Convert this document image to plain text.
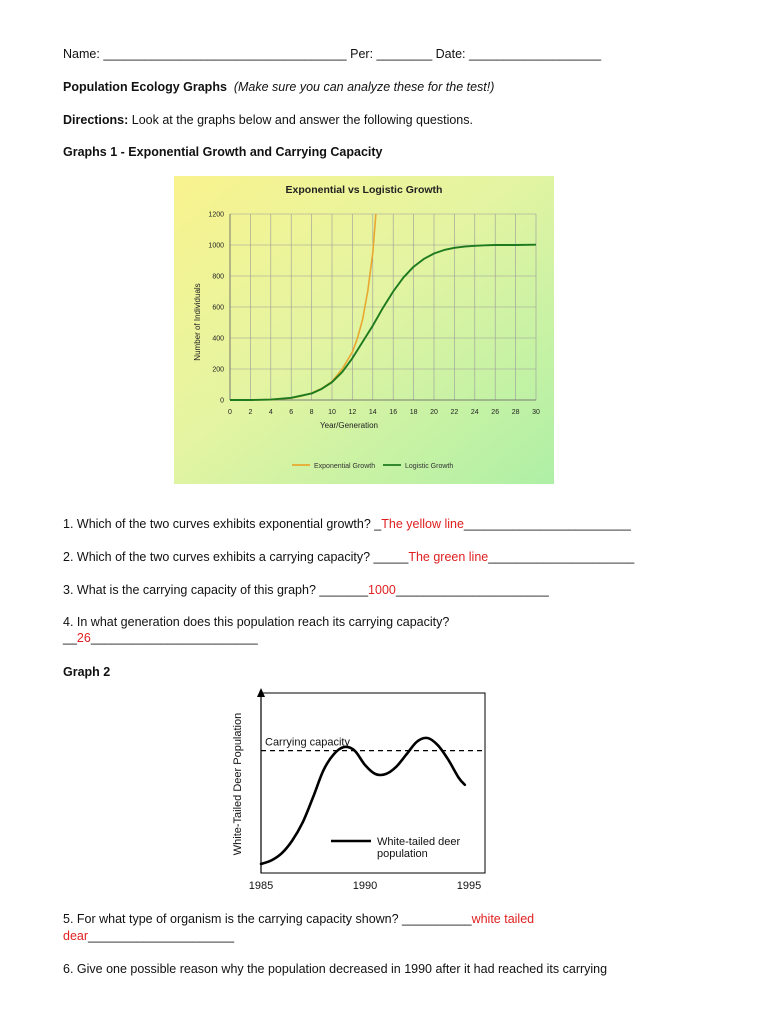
Name: ___________________________________ Per: ________ Date: ___________________
Population Ecology Graphs (Make sure you can analyze these for the test!)
Directions: Look at the graphs below and answer the following questions.
Graphs 1 - Exponential Growth and Carrying Capacity
Exponential vs Logistic Growth
0 2 4 6 8 10 12 14 16 18 20 22 24 26 28 30
0
200
400
600
800
1000
1200
Year/Generation
Number of Individuals
Exponential Growth	Logistic Growth
1. Which of the two curves exhibits exponential growth? _The yellow line________________________
2. Which of the two curves exhibits a carrying capacity? _____The green line_____________________
3. What is the carrying capacity of this graph? _______1000______________________
4. In what generation does this population reach its carrying capacity?
__26________________________
Graph 2
White-Tailed Deer Population Carrying capacity
White-tailed deer
population
1985	1990	1995
5. For what type of organism is the carrying capacity shown? __________white tailed
dear_____________________
6. Give one possible reason why the population decreased in 1990 after it had reached its carrying
